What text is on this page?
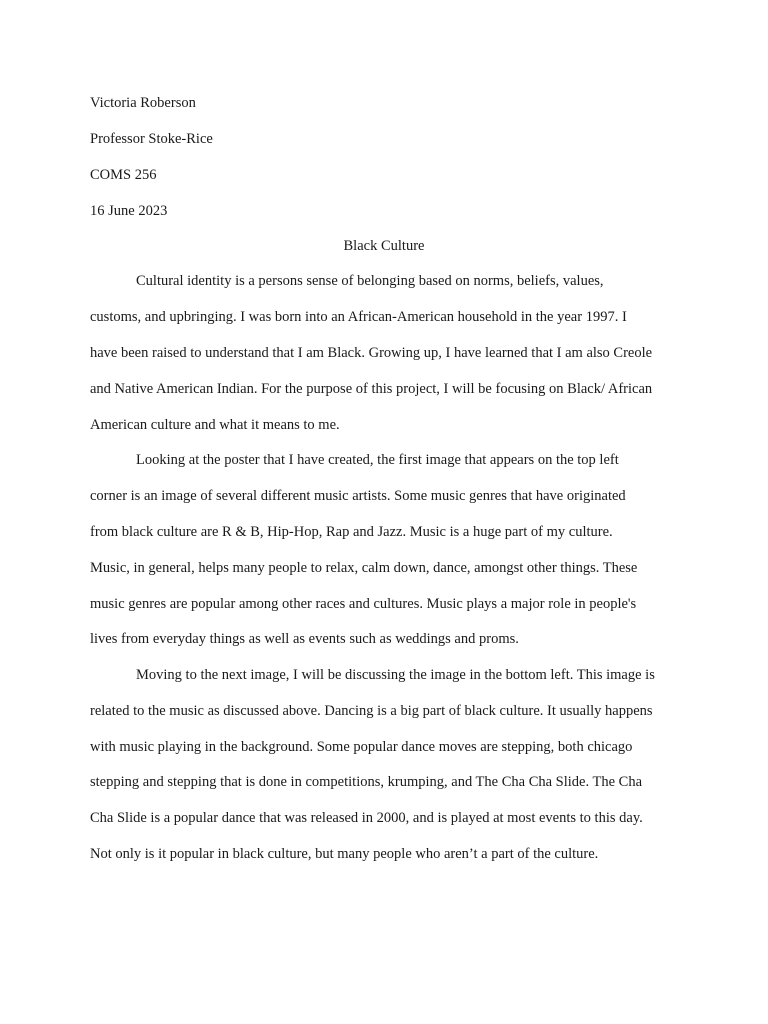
Victoria Roberson
Professor Stoke-Rice
COMS 256
16 June 2023
Black Culture
Cultural identity is a persons sense of belonging based on norms, beliefs, values,
customs, and upbringing. I was born into an African-American household in the year 1997. I
have been raised to understand that I am Black. Growing up, I have learned that I am also Creole
and Native American Indian. For the purpose of this project, I will be focusing on Black/ African
American culture and what it means to me.
Looking at the poster that I have created, the first image that appears on the top left
corner is an image of several different music artists. Some music genres that have originated
from black culture are R & B, Hip-Hop, Rap and Jazz. Music is a huge part of my culture.
Music, in general, helps many people to relax, calm down, dance, amongst other things. These
music genres are popular among other races and cultures. Music plays a major role in people's
lives from everyday things as well as events such as weddings and proms.
Moving to the next image, I will be discussing the image in the bottom left. This image is
related to the music as discussed above. Dancing is a big part of black culture. It usually happens
with music playing in the background. Some popular dance moves are stepping, both chicago
stepping and stepping that is done in competitions, krumping, and The Cha Cha Slide. The Cha
Cha Slide is a popular dance that was released in 2000, and is played at most events to this day.
Not only is it popular in black culture, but many people who aren’t a part of the culture.
